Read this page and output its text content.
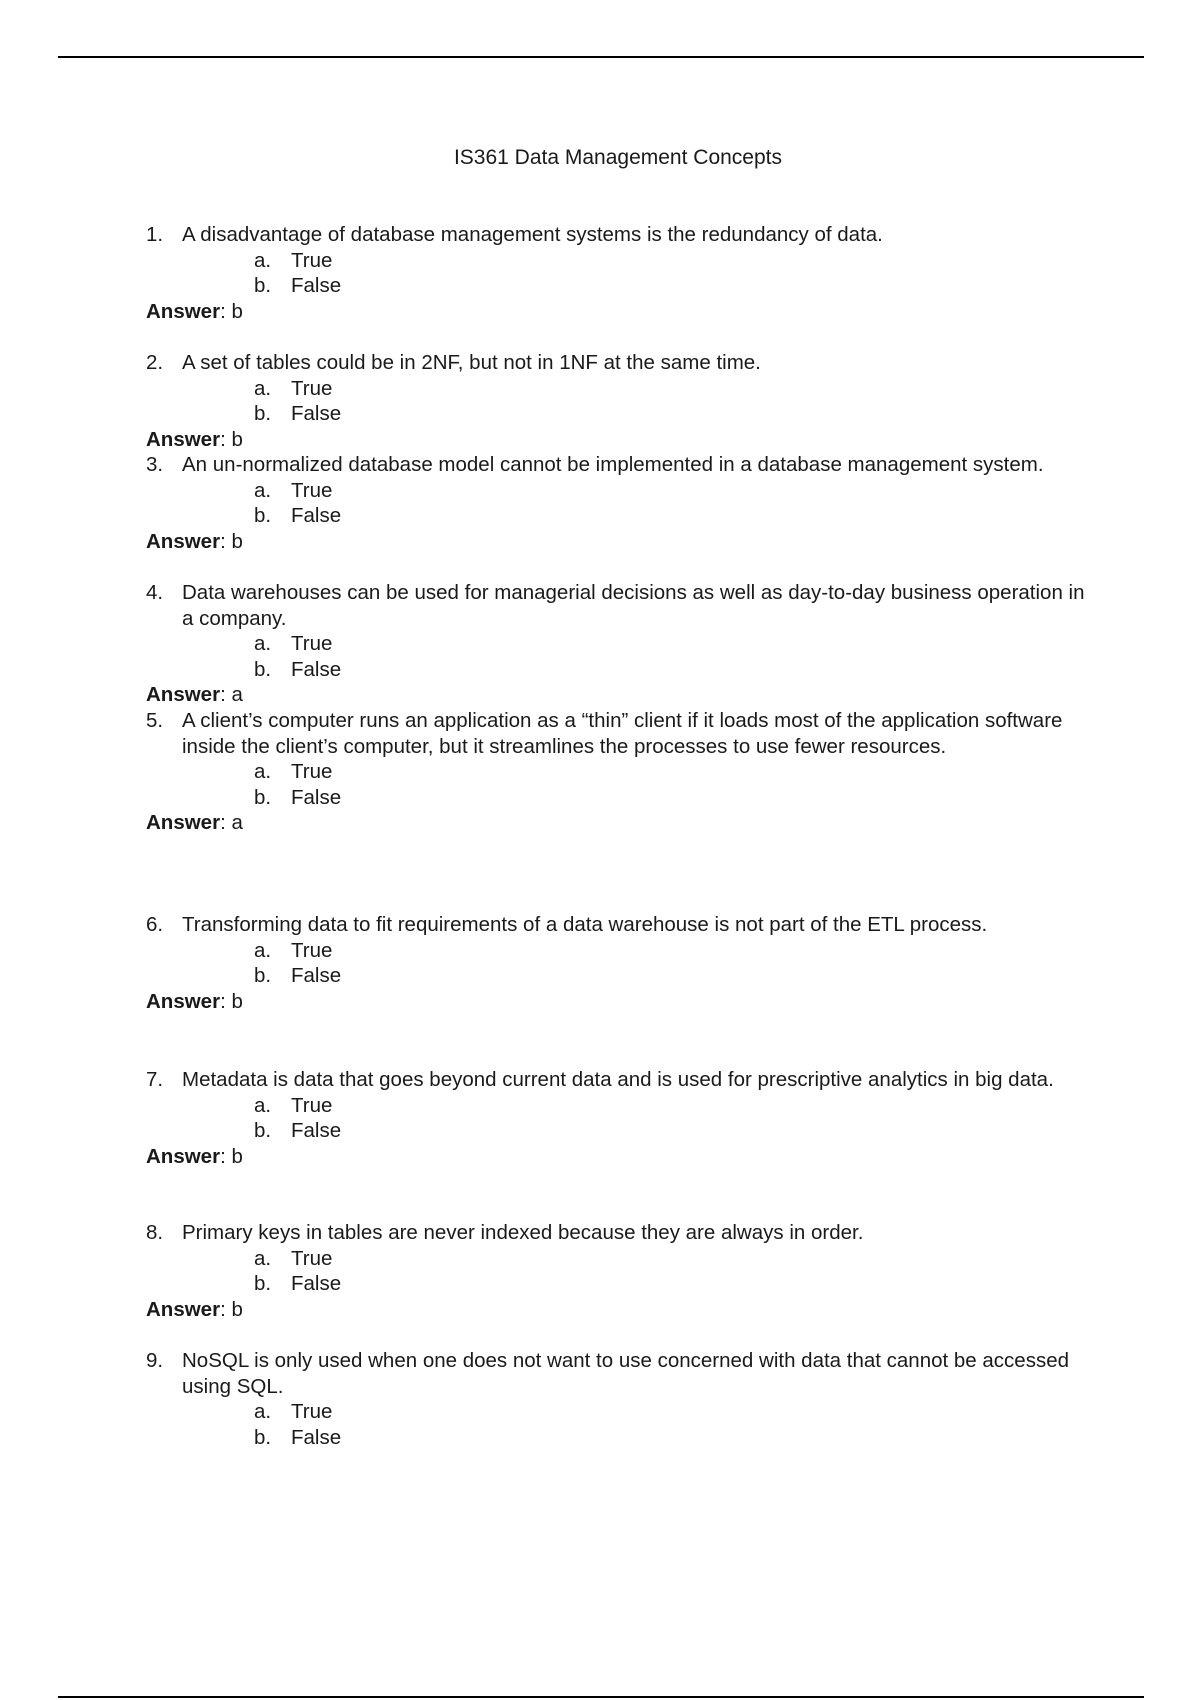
IS361 Data Management Concepts
1. A disadvantage of database management systems is the redundancy of data.
a. True
b. False
Answer: b
2. A set of tables could be in 2NF, but not in 1NF at the same time.
a. True
b. False
Answer: b
3. An un-normalized database model cannot be implemented in a database management system.
a. True
b. False
Answer: b
4. Data warehouses can be used for managerial decisions as well as day-to-day business operation in a company.
a. True
b. False
Answer: a
5. A client’s computer runs an application as a “thin” client if it loads most of the application software inside the client’s computer, but it streamlines the processes to use fewer resources.
a. True
b. False
Answer: a
6. Transforming data to fit requirements of a data warehouse is not part of the ETL process.
a. True
b. False
Answer: b
7. Metadata is data that goes beyond current data and is used for prescriptive analytics in big data.
a. True
b. False
Answer: b
8. Primary keys in tables are never indexed because they are always in order.
a. True
b. False
Answer: b
9. NoSQL is only used when one does not want to use concerned with data that cannot be accessed using SQL.
a. True
b. False
